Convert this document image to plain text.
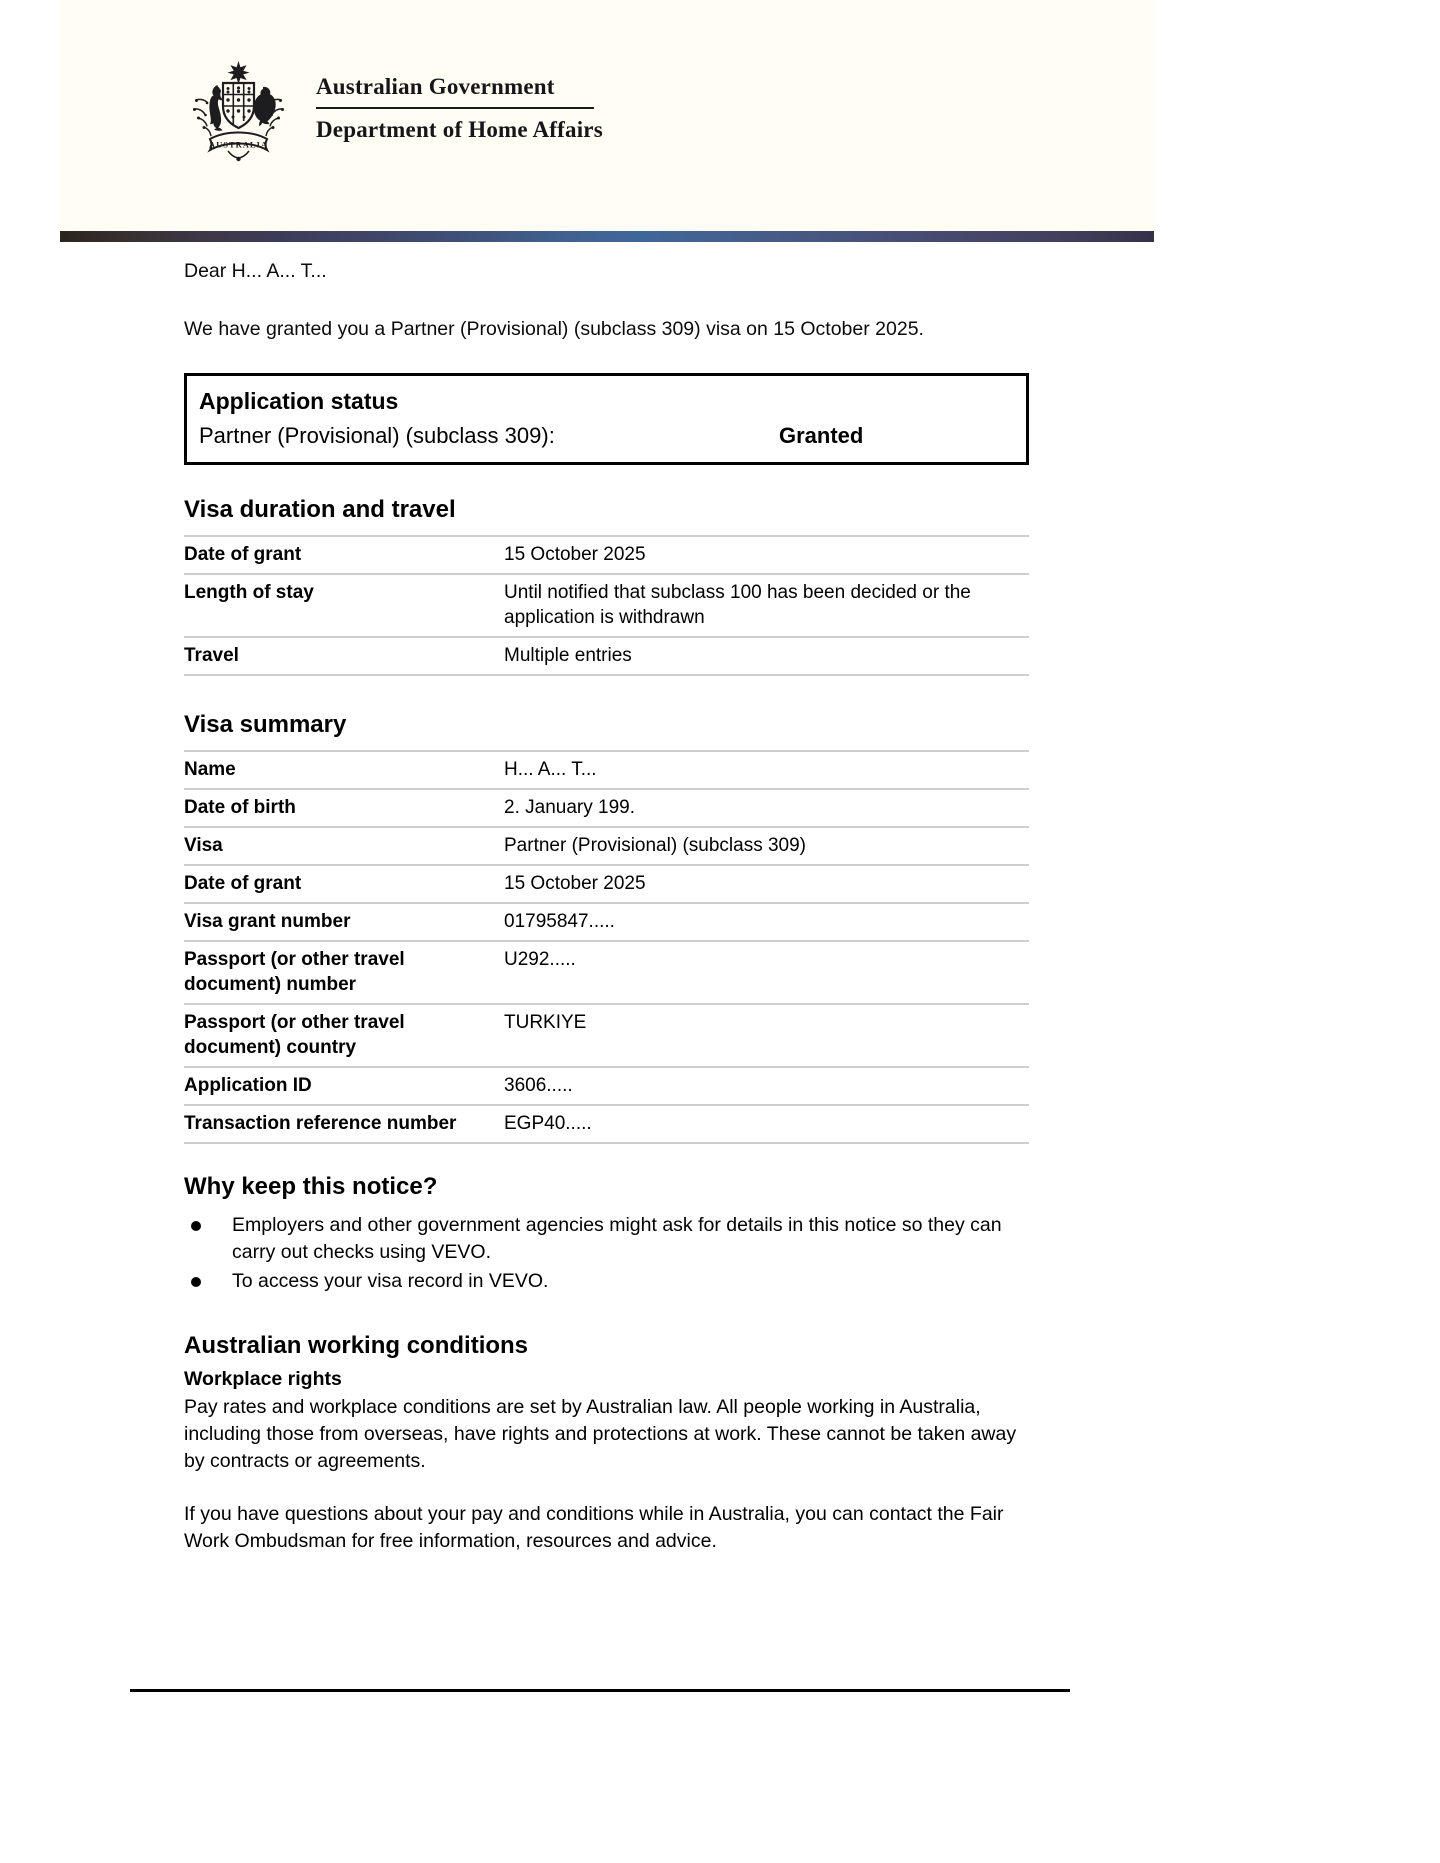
AUSTRALIA
Australian Government
Department of Home Affairs

Dear H... A... T...

We have granted you a Partner (Provisional) (subclass 309) visa on 15 October 2025.

Application status
Partner (Provisional) (subclass 309):	Granted
Visa duration and travel
Date of grant	15 October 2025
Length of stay	Until notified that subclass 100 has been decided or the application is withdrawn
Travel	Multiple entries
Visa summary
Name	H... A... T...
Date of birth	2. January 199.
Visa	Partner (Provisional) (subclass 309)
Date of grant	15 October 2025
Visa grant number	01795847.....
Passport (or other travel document) number	U292.....
Passport (or other travel document) country	TURKIYE
Application ID	3606.....
Transaction reference number	EGP40.....
Why keep this notice?
Employers and other government agencies might ask for details in this notice so they can carry out checks using VEVO.
To access your visa record in VEVO.
Australian working conditions
Workplace rights

Pay rates and workplace conditions are set by Australian law. All people working in Australia, including those from overseas, have rights and protections at work. These cannot be taken away by contracts or agreements.

If you have questions about your pay and conditions while in Australia, you can contact the Fair Work Ombudsman for free information, resources and advice.
